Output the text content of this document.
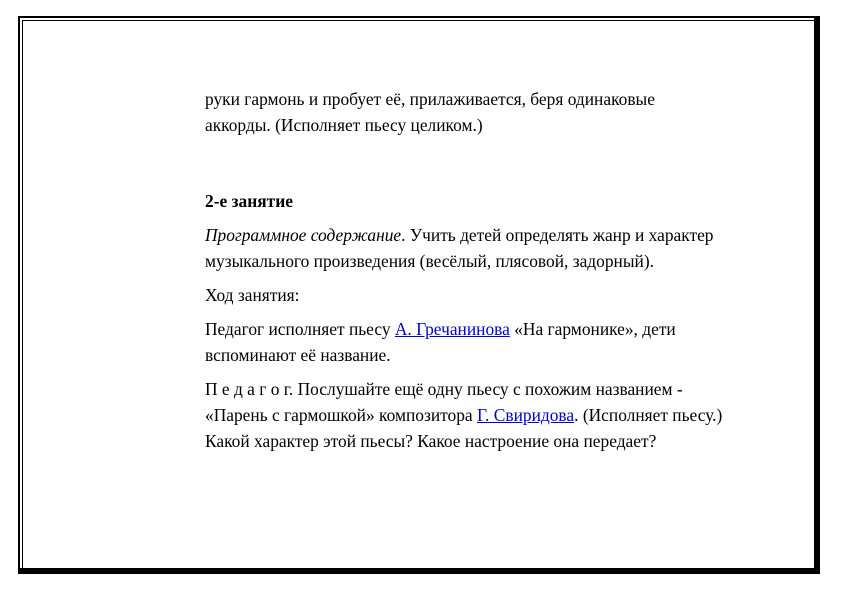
руки гармонь и пробует её, прилаживается, беря одинаковые аккорды. (Исполняет пьесу целиком.)

2-е занятие

Программное содержание. Учить детей определять жанр и характер музыкального произведения (весёлый, плясовой, задорный).

Ход занятия:

Педагог исполняет пьесу А. Гречанинова «На гармонике», дети вспоминают её название.

П е д а г о г. Послушайте ещё одну пьесу с похожим названием - «Парень с гармошкой» композитора Г. Свиридова. (Исполняет пьесу.) Какой характер этой пьесы? Какое настроение она передает?
